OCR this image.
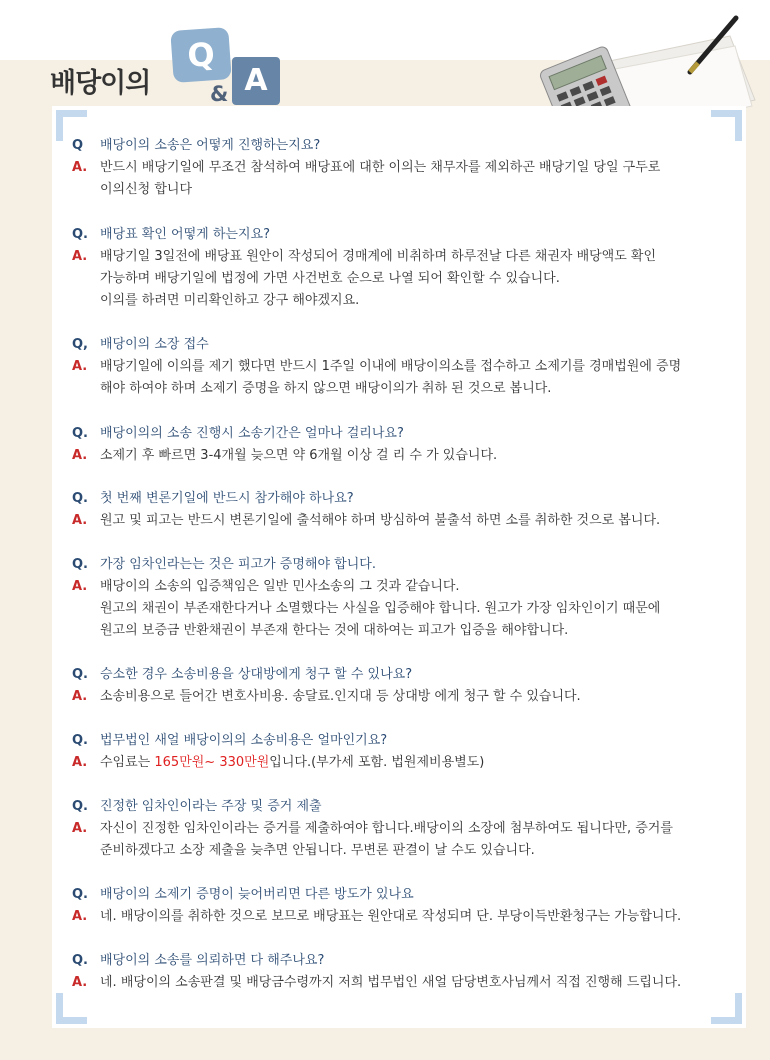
배당이의
Q
& A
Q	배당이의 소송은 어떻게 진행하는지요?
A. 반드시 배당기일에 무조건 참석하여 배당표에 대한 이의는 채무자를 제외하곤 배당기일 당일 구두로
이의신청 합니다
Q. 배당표 확인 어떻게 하는지요?
A. 배당기일 3일전에 배당표 원안이 작성되어 경매계에 비취하며 하루전날 다른 채권자 배당액도 확인
가능하며 배당기일에 법정에 가면 사건번호 순으로 나열 되어 확인할 수 있습니다.
이의를 하려면 미리확인하고 강구 해야겠지요.
Q, 배당이의 소장 접수
A. 배당기일에 이의를 제기 했다면 반드시 1주일 이내에 배당이의소를 접수하고 소제기를 경매법원에 증명
해야 하여야 하며 소제기 증명을 하지 않으면 배당이의가 취하 된 것으로 봅니다.
Q. 배당이의의 소송 진행시 소송기간은 얼마나 걸리나요?
A. 소제기 후 빠르면 3-4개월 늦으면 약 6개월 이상 걸 리 수 가 있습니다.
Q. 첫 번째 변론기일에 반드시 참가해야 하나요?
A. 원고 및 피고는 반드시 변론기일에 출석해야 하며 방심하여 불출석 하면 소를 취하한 것으로 봅니다.
Q. 가장 임차인라는는 것은 피고가 증명해야 합니다.
A. 배당이의 소송의 입증책임은 일반 민사소송의 그 것과 같습니다.
원고의 채권이 부존재한다거나 소멸했다는 사실을 입증해야 합니다. 원고가 가장 임차인이기 때문에
원고의 보증금 반환채권이 부존재 한다는 것에 대하여는 피고가 입증을 해야합니다.
Q. 승소한 경우 소송비용을 상대방에게 청구 할 수 있나요?
A. 소송비용으로 들어간 변호사비용. 송달료.인지대 등 상대방 에게 청구 할 수 있습니다.
Q. 법무법인 새얼 배당이의의 소송비용은 얼마인기요?
A. 수임료는 165만원~ 330만원입니다.(부가세 포함. 법원제비용별도)
Q. 진정한 임차인이라는 주장 및 증거 제출
A. 자신이 진정한 임차인이라는 증거를 제출하여야 합니다.배당이의 소장에 첨부하여도 됩니다만, 증거를
준비하겠다고 소장 제출을 늦추면 안됩니다. 무변론 판결이 날 수도 있습니다.
Q. 배당이의 소제기 증명이 늦어버리면 다른 방도가 있나요
A. 네. 배당이의를 취하한 것으로 보므로 배당표는 원안대로 작성되며 단. 부당이득반환청구는 가능합니다.
Q. 배당이의 소송를 의뢰하면 다 해주나요?
A. 네. 배당이의 소송판결 및 배당금수령까지 저희 법무법인 새얼 담당변호사님께서 직접 진행해 드립니다.
